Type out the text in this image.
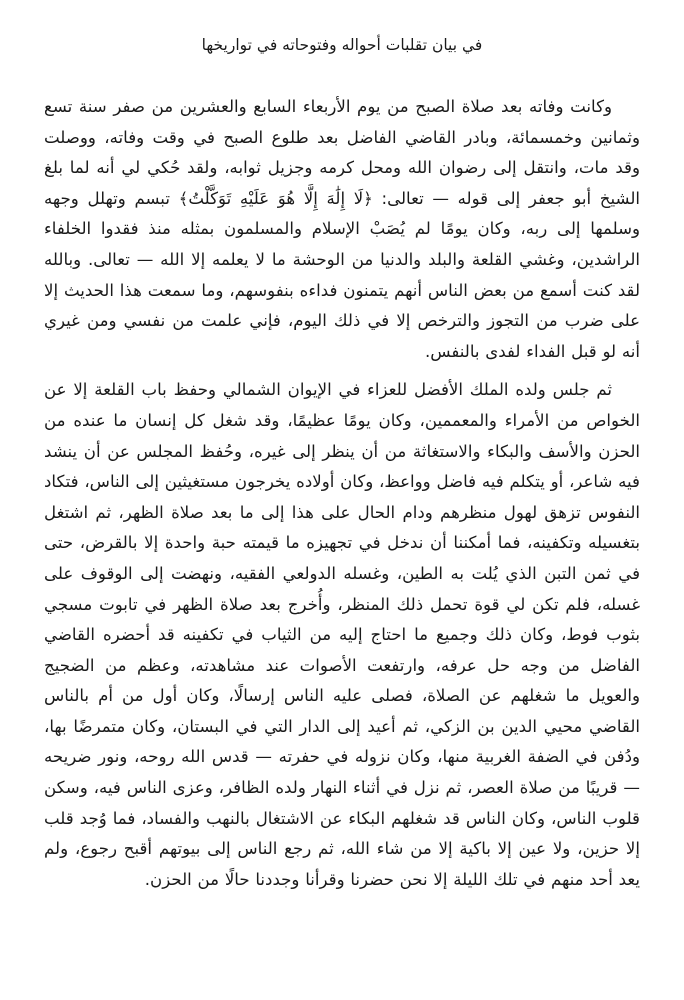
في بيان تقلبات أحواله وفتوحاته في تواريخها

وكانت وفاته بعد صلاة الصبح من يوم الأربعاء السابع والعشرين من صفر سنة تسع وثمانين وخمسمائة، وبادر القاضي الفاضل بعد طلوع الصبح في وقت وفاته، ووصلت وقد مات، وانتقل إلى رضوان الله ومحل كرمه وجزيل ثوابه، ولقد حُكي لي أنه لما بلغ الشيخ أبو جعفر إلى قوله — تعالى: ﴿لَا إِلَٰهَ إِلَّا هُوَ عَلَيْهِ تَوَكَّلْتُ﴾ تبسم وتهلل وجهه وسلمها إلى ربه، وكان يومًا لم يُصَبْ الإسلام والمسلمون بمثله منذ فقدوا الخلفاء الراشدين، وغشي القلعة والبلد والدنيا من الوحشة ما لا يعلمه إلا الله — تعالى. وبالله لقد كنت أسمع من بعض الناس أنهم يتمنون فداءه بنفوسهم، وما سمعت هذا الحديث إلا على ضرب من التجوز والترخص إلا في ذلك اليوم، فإني علمت من نفسي ومن غيري أنه لو قبل الفداء لفدى بالنفس.

ثم جلس ولده الملك الأفضل للعزاء في الإيوان الشمالي وحفظ باب القلعة إلا عن الخواص من الأمراء والمعممين، وكان يومًا عظيمًا، وقد شغل كل إنسان ما عنده من الحزن والأسف والبكاء والاستغاثة من أن ينظر إلى غيره، وحُفظ المجلس عن أن ينشد فيه شاعر، أو يتكلم فيه فاضل وواعظ، وكان أولاده يخرجون مستغيثين إلى الناس، فتكاد النفوس تزهق لهول منظرهم ودام الحال على هذا إلى ما بعد صلاة الظهر، ثم اشتغل بتغسيله وتكفينه، فما أمكننا أن ندخل في تجهيزه ما قيمته حبة واحدة إلا بالقرض، حتى في ثمن التبن الذي يُلت به الطين، وغسله الدولعي الفقيه، ونهضت إلى الوقوف على غسله، فلم تكن لي قوة تحمل ذلك المنظر، وأُخرج بعد صلاة الظهر في تابوت مسجي بثوب فوط، وكان ذلك وجميع ما احتاج إليه من الثياب في تكفينه قد أحضره القاضي الفاضل من وجه حل عرفه، وارتفعت الأصوات عند مشاهدته، وعظم من الضجيج والعويل ما شغلهم عن الصلاة، فصلى عليه الناس إرسالًا، وكان أول من أم بالناس القاضي محيي الدين بن الزكي، ثم أعيد إلى الدار التي في البستان، وكان متمرضًا بها، ودُفن في الضفة الغربية منها، وكان نزوله في حفرته — قدس الله روحه، ونور ضريحه — قريبًا من صلاة العصر، ثم نزل في أثناء النهار ولده الظافر، وعزى الناس فيه، وسكن قلوب الناس، وكان الناس قد شغلهم البكاء عن الاشتغال بالنهب والفساد، فما وُجد قلب إلا حزين، ولا عين إلا باكية إلا من شاء الله، ثم رجع الناس إلى بيوتهم أقبح رجوع، ولم يعد أحد منهم في تلك الليلة إلا نحن حضرنا وقرأنا وجددنا حالًا من الحزن.
